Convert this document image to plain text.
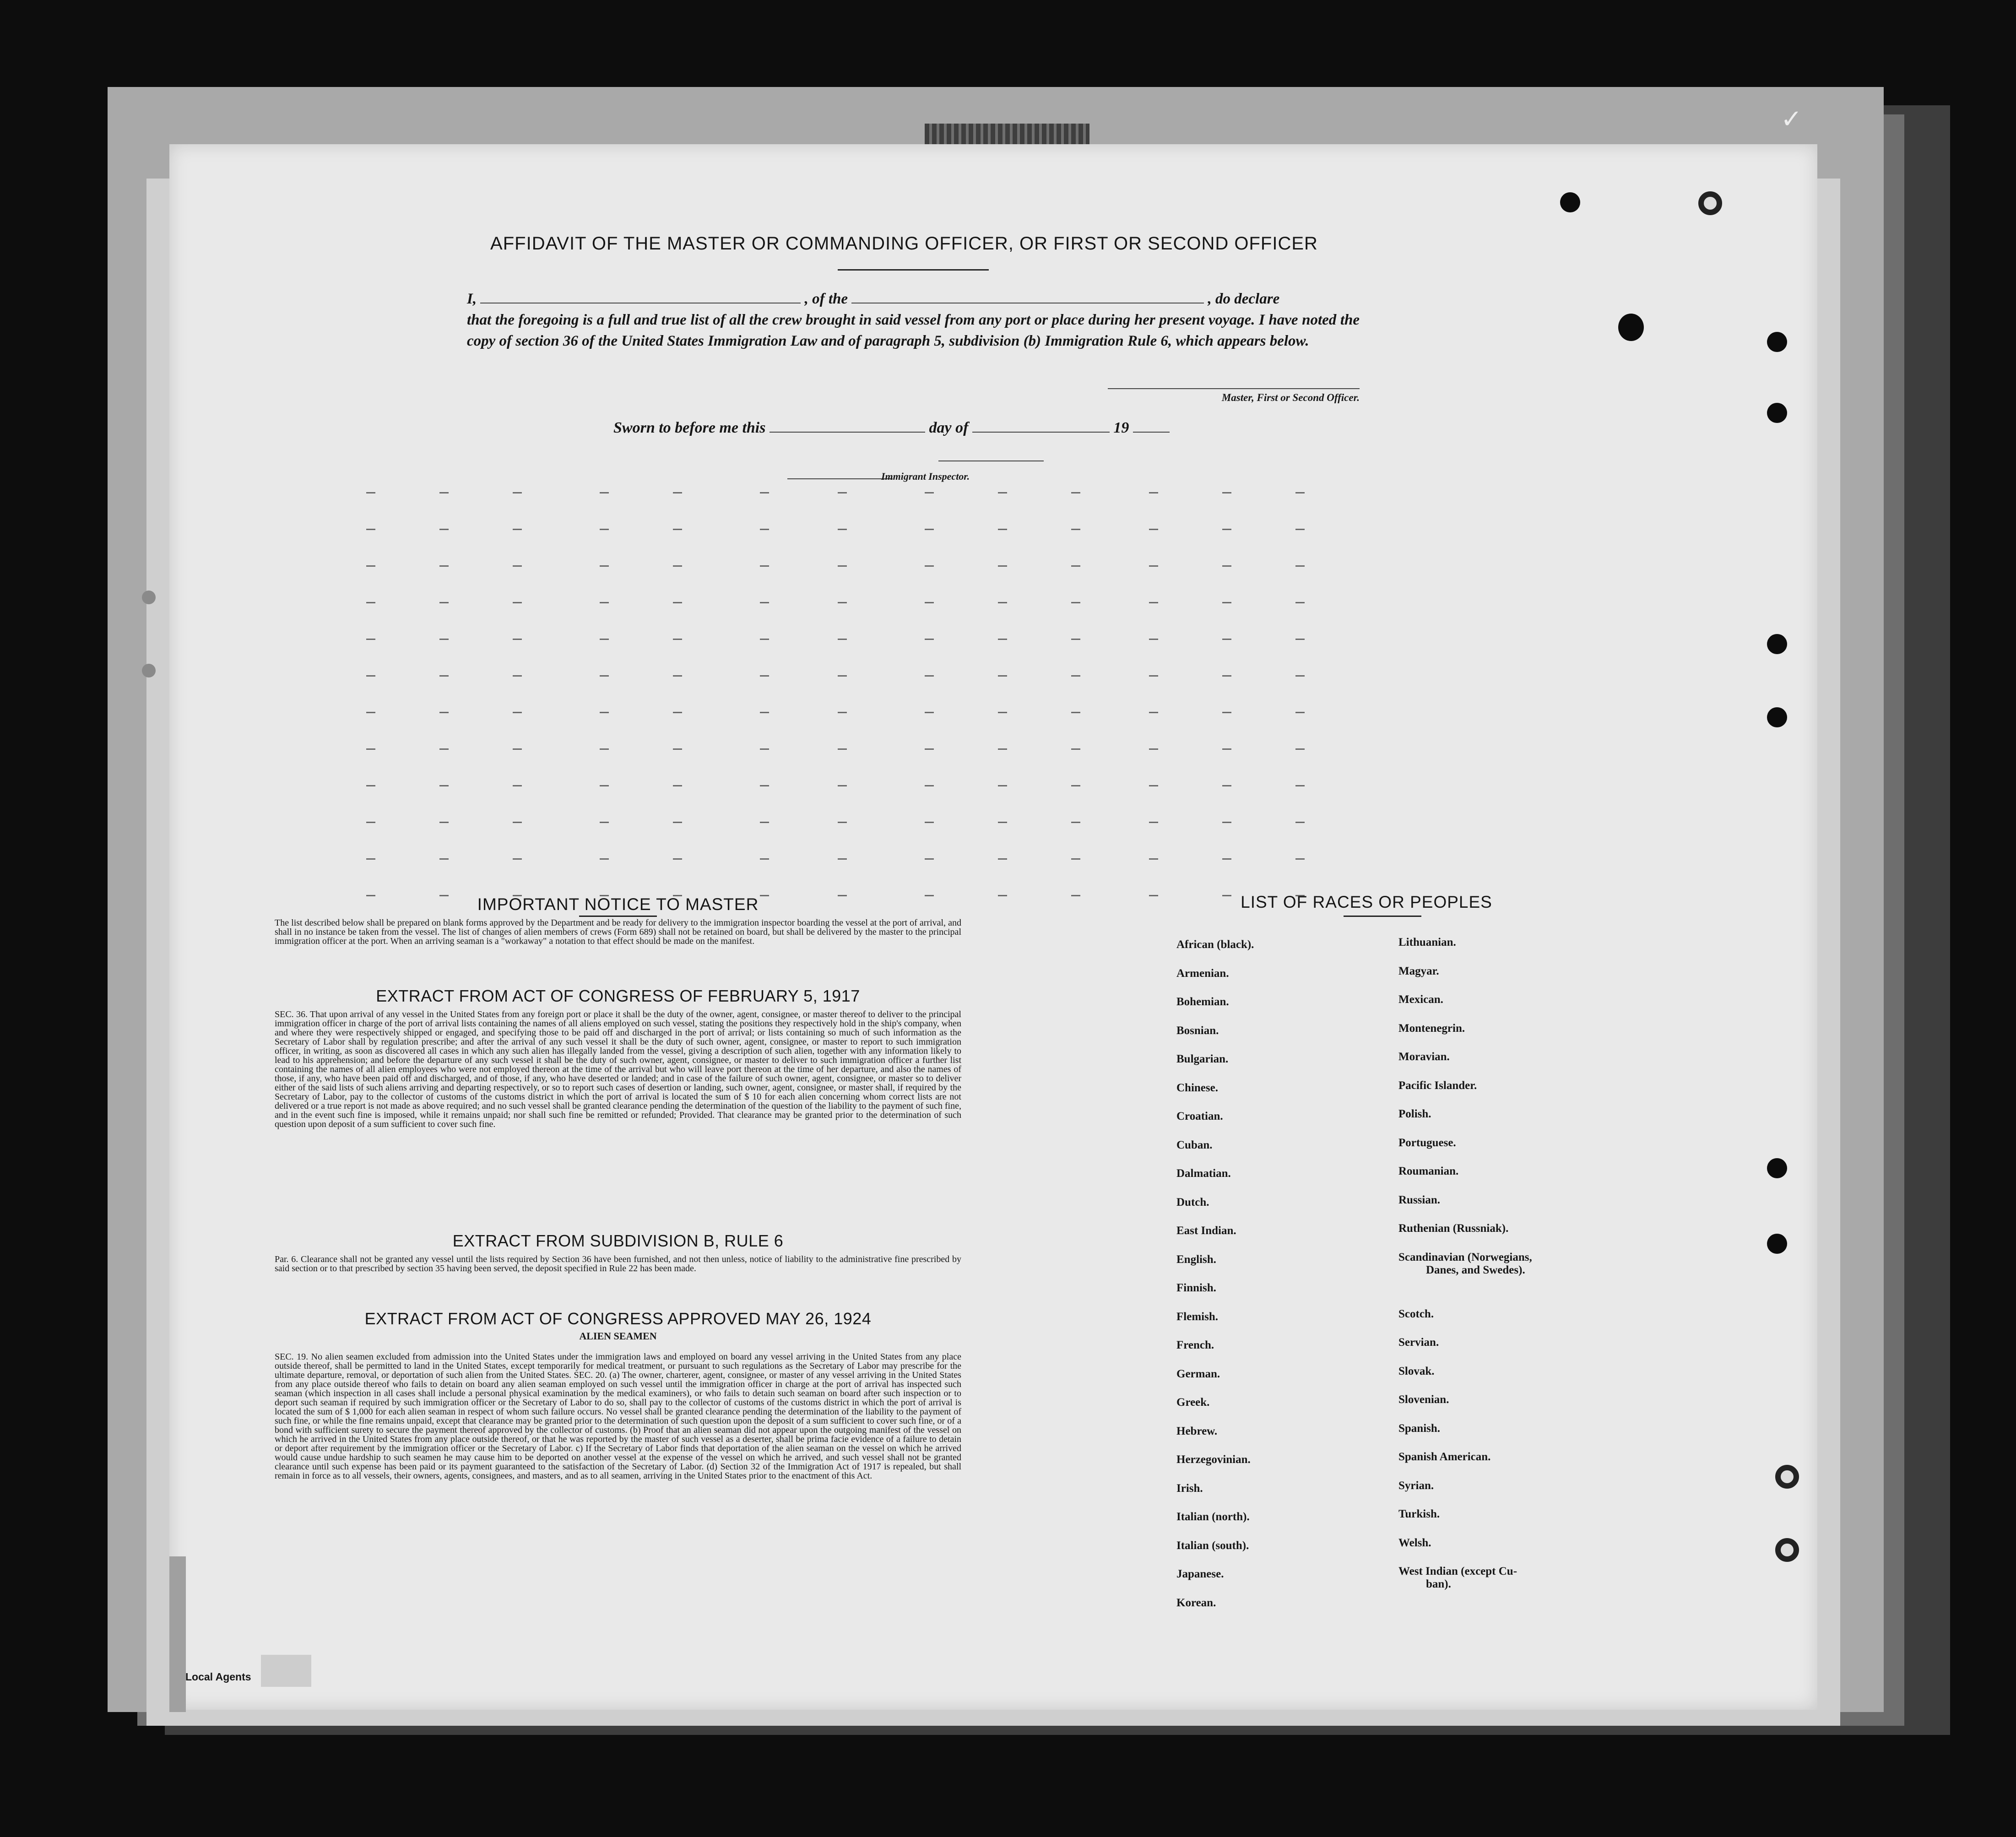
✓
AFFIDAVIT OF THE MASTER OR COMMANDING OFFICER, OR FIRST OR SECOND OFFICER
I,	, of the	, do declare
that the foregoing is a full and true list of all the crew brought in said vessel from any port or place during her present voyage. I have noted the copy of section 36 of the United States Immigration Law and of paragraph 5, subdivision (b) Immigration Rule 6, which appears below.
Master, First or Second Officer.
Sworn to before me this	day of	19
Immigrant Inspector.
IMPORTANT NOTICE TO MASTER
The list described below shall be prepared on blank forms approved by the Department and be ready for delivery to the immigration inspector boarding the vessel at the port of arrival, and shall in no instance be taken from the vessel. The list of changes of alien members of crews (Form 689) shall not be retained on board, but shall be delivered by the master to the principal immigration officer at the port. When an arriving seaman is a "workaway" a notation to that effect should be made on the manifest.
EXTRACT FROM ACT OF CONGRESS OF FEBRUARY 5, 1917
SEC. 36. That upon arrival of any vessel in the United States from any foreign port or place it shall be the duty of the owner, agent, consignee, or master thereof to deliver to the principal immigration officer in charge of the port of arrival lists containing the names of all aliens employed on such vessel, stating the positions they respectively hold in the ship's company, when and where they were respectively shipped or engaged, and specifying those to be paid off and discharged in the port of arrival; or lists containing so much of such information as the Secretary of Labor shall by regulation prescribe; and after the arrival of any such vessel it shall be the duty of such owner, agent, consignee, or master to report to such immigration officer, in writing, as soon as discovered all cases in which any such alien has illegally landed from the vessel, giving a description of such alien, together with any information likely to lead to his apprehension; and before the departure of any such vessel it shall be the duty of such owner, agent, consignee, or master to deliver to such immigration officer a further list containing the names of all alien employees who were not employed thereon at the time of the arrival but who will leave port thereon at the time of her departure, and also the names of those, if any, who have been paid off and discharged, and of those, if any, who have deserted or landed; and in case of the failure of such owner, agent, consignee, or master so to deliver either of the said lists of such aliens arriving and departing respectively, or so to report such cases of desertion or landing, such owner, agent, consignee, or master shall, if required by the Secretary of Labor, pay to the collector of customs of the customs district in which the port of arrival is located the sum of $ 10 for each alien concerning whom correct lists are not delivered or a true report is not made as above required; and no such vessel shall be granted clearance pending the determination of the question of the liability to the payment of such fine, and in the event such fine is imposed, while it remains unpaid; nor shall such fine be remitted or refunded; Provided. That clearance may be granted prior to the determination of such question upon deposit of a sum sufficient to cover such fine.
EXTRACT FROM SUBDIVISION B, RULE 6
Par. 6. Clearance shall not be granted any vessel until the lists required by Section 36 have been furnished, and not then unless, notice of liability to the administrative fine prescribed by said section or to that prescribed by section 35 having been served, the deposit specified in Rule 22 has been made.
EXTRACT FROM ACT OF CONGRESS APPROVED MAY 26, 1924
ALIEN SEAMEN
SEC. 19. No alien seamen excluded from admission into the United States under the immigration laws and employed on board any vessel arriving in the United States from any place outside thereof, shall be permitted to land in the United States, except temporarily for medical treatment, or pursuant to such regulations as the Secretary of Labor may prescribe for the ultimate departure, removal, or deportation of such alien from the United States. SEC. 20. (a) The owner, charterer, agent, consignee, or master of any vessel arriving in the United States from any place outside thereof who fails to detain on board any alien seaman employed on such vessel until the immigration officer in charge at the port of arrival has inspected such seaman (which inspection in all cases shall include a personal physical examination by the medical examiners), or who fails to detain such seaman on board after such inspection or to deport such seaman if required by such immigration officer or the Secretary of Labor to do so, shall pay to the collector of customs of the customs district in which the port of arrival is located the sum of $ 1,000 for each alien seaman in respect of whom such failure occurs. No vessel shall be granted clearance pending the determination of the liability to the payment of such fine, or while the fine remains unpaid, except that clearance may be granted prior to the determination of such question upon the deposit of a sum sufficient to cover such fine, or of a bond with sufficient surety to secure the payment thereof approved by the collector of customs. (b) Proof that an alien seaman did not appear upon the outgoing manifest of the vessel on which he arrived in the United States from any place outside thereof, or that he was reported by the master of such vessel as a deserter, shall be prima facie evidence of a failure to detain or deport after requirement by the immigration officer or the Secretary of Labor. c) If the Secretary of Labor finds that deportation of the alien seaman on the vessel on which he arrived would cause undue hardship to such seamen he may cause him to be deported on another vessel at the expense of the vessel on which he arrived, and such vessel shall not be granted clearance until such expense has been paid or its payment guaranteed to the satisfaction of the Secretary of Labor. (d) Section 32 of the Immigration Act of 1917 is repealed, but shall remain in force as to all vessels, their owners, agents, consignees, and masters, and as to all seamen, arriving in the United States prior to the enactment of this Act.
LIST OF RACES OR PEOPLES
African (black).
Armenian.
Bohemian.
Bosnian.
Bulgarian.
Chinese.
Croatian.
Cuban.
Dalmatian.
Dutch.
East Indian.
English.
Finnish.
Flemish.
French.
German.
Greek.
Hebrew.
Herzegovinian.
Irish.
Italian (north).
Italian (south).
Japanese.
Korean.
Lithuanian.
Magyar.
Mexican.
Montenegrin.
Moravian.
Pacific Islander.
Polish.
Portuguese.
Roumanian.
Russian.
Ruthenian (Russniak).
Scandinavian (Norwegians,
Danes, and Swedes).
Scotch.
Servian.
Slovak.
Slovenian.
Spanish.
Spanish American.
Syrian.
Turkish.
Welsh.
West Indian (except Cu-
ban).
Local Agents
